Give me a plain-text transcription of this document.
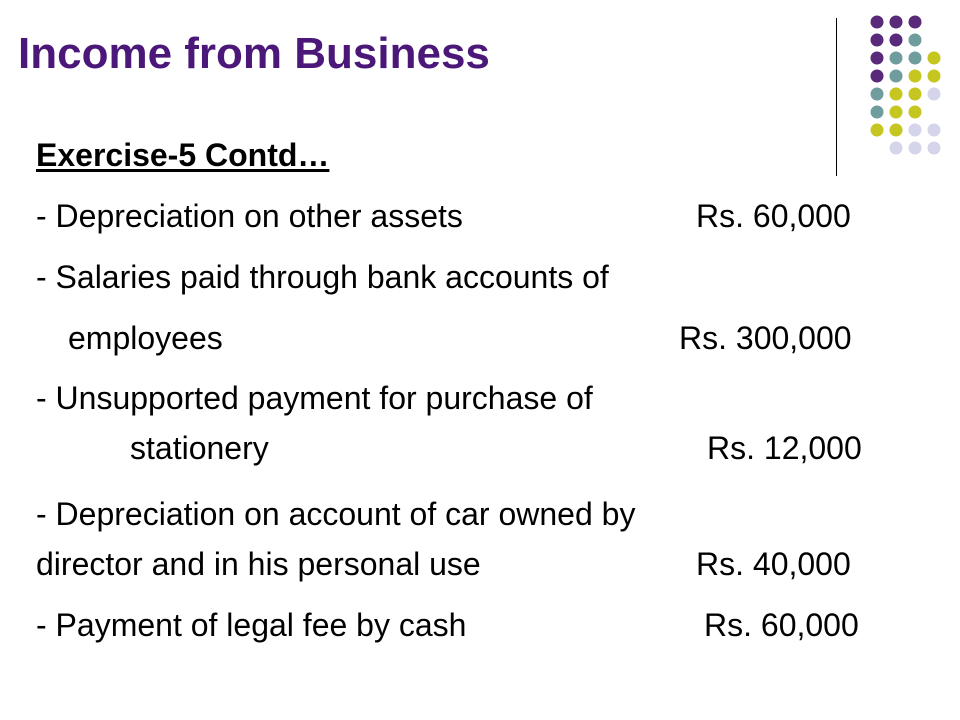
Income from Business
Exercise-5 Contd…
- Depreciation on other assets	Rs. 60,000
- Salaries paid through bank accounts of
employees	Rs. 300,000
- Unsupported payment for purchase of
stationery	Rs. 12,000
- Depreciation on account of car owned by
director and in his personal use	Rs. 40,000
- Payment of legal fee by cash	Rs. 60,000
